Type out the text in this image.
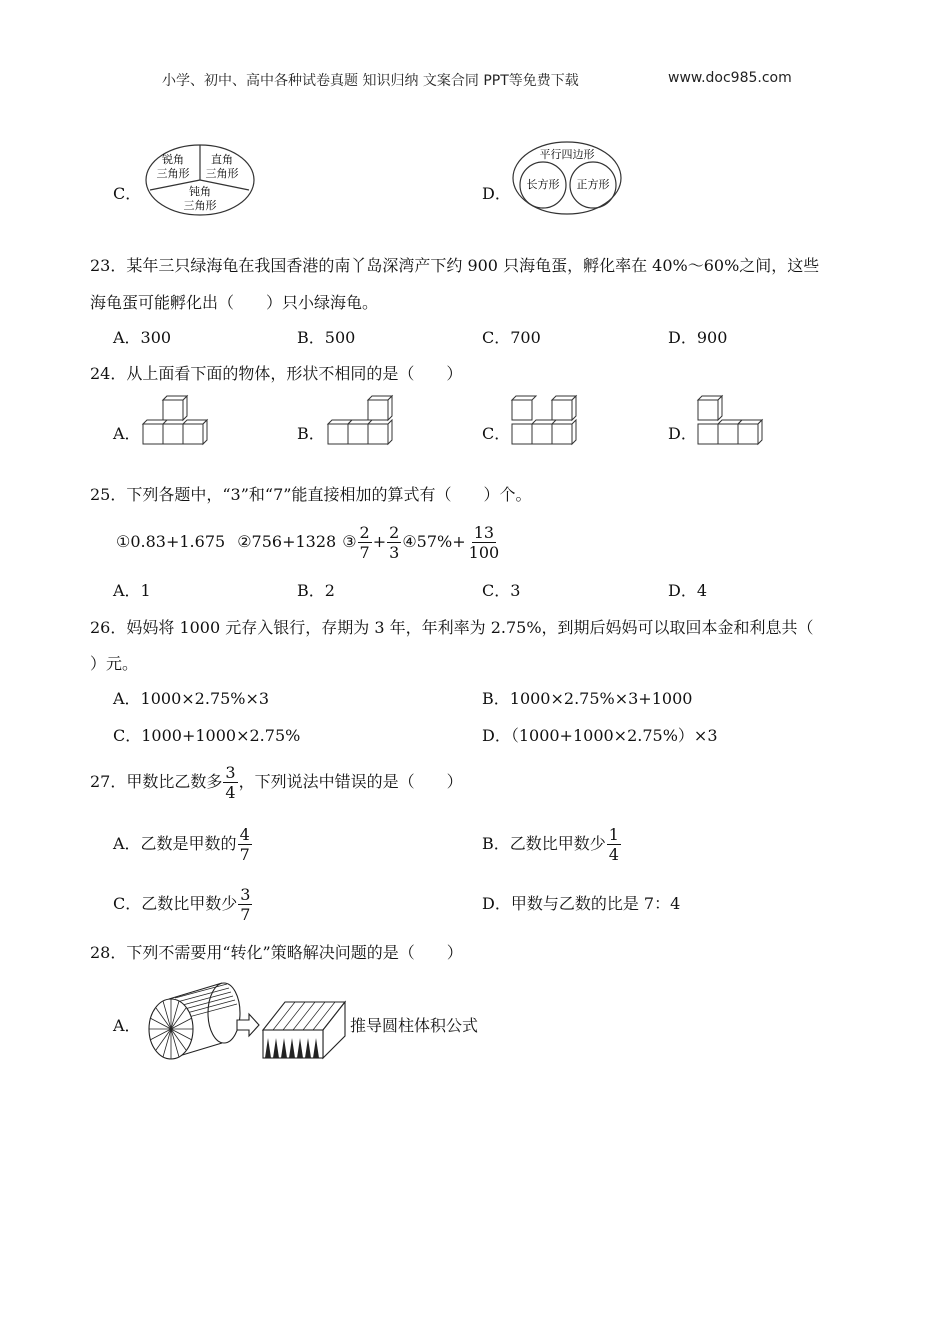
小学、初中、高中各种试卷真题 知识归纳 文案合同 PPT等免费下载	www.doc985.com
C．
锐角
三角形
直角
三角形
钝角
三角形
D．
平行四边形
长方形 正方形
23．某年三只绿海龟在我国香港的南丫岛深湾产下约 900 只海龟蛋，孵化率在 40%～60%之间，这些
海龟蛋可能孵化出（　　）只小绿海龟。
A．300	B．500	C．700	D．900
24．从上面看下面的物体，形状不相同的是（　　）
A．	B．	C．	D．
25．下列各题中，“3”和“7”能直接相加的算式有（　　）个。
①0.83+1.675 ②756+1328 ③ $\frac{2}{7} + \frac{2}{3}$ ④57%+ $\frac{13}{100}$
A．1	B．2	C．3	D．4
26．妈妈将 1000 元存入银行，存期为 3 年，年利率为 2.75%，到期后妈妈可以取回本金和利息共（
）元。
A．1000×2.75%×3	B．1000×2.75%×3+1000
C．1000+1000×2.75%	D．（1000+1000×2.75%）×3
27．甲数比乙数多 $\frac{3}{4}$ ，下列说法中错误的是（　　）
A．乙数是甲数的 $\frac{4}{7}$	B．乙数比甲数少 $\frac{1}{4}$
C．乙数比甲数少 $\frac{3}{7}$	D．甲数与乙数的比是 7：4
28．下列不需要用“转化”策略解决问题的是（　　）
A．	推导圆柱体积公式
